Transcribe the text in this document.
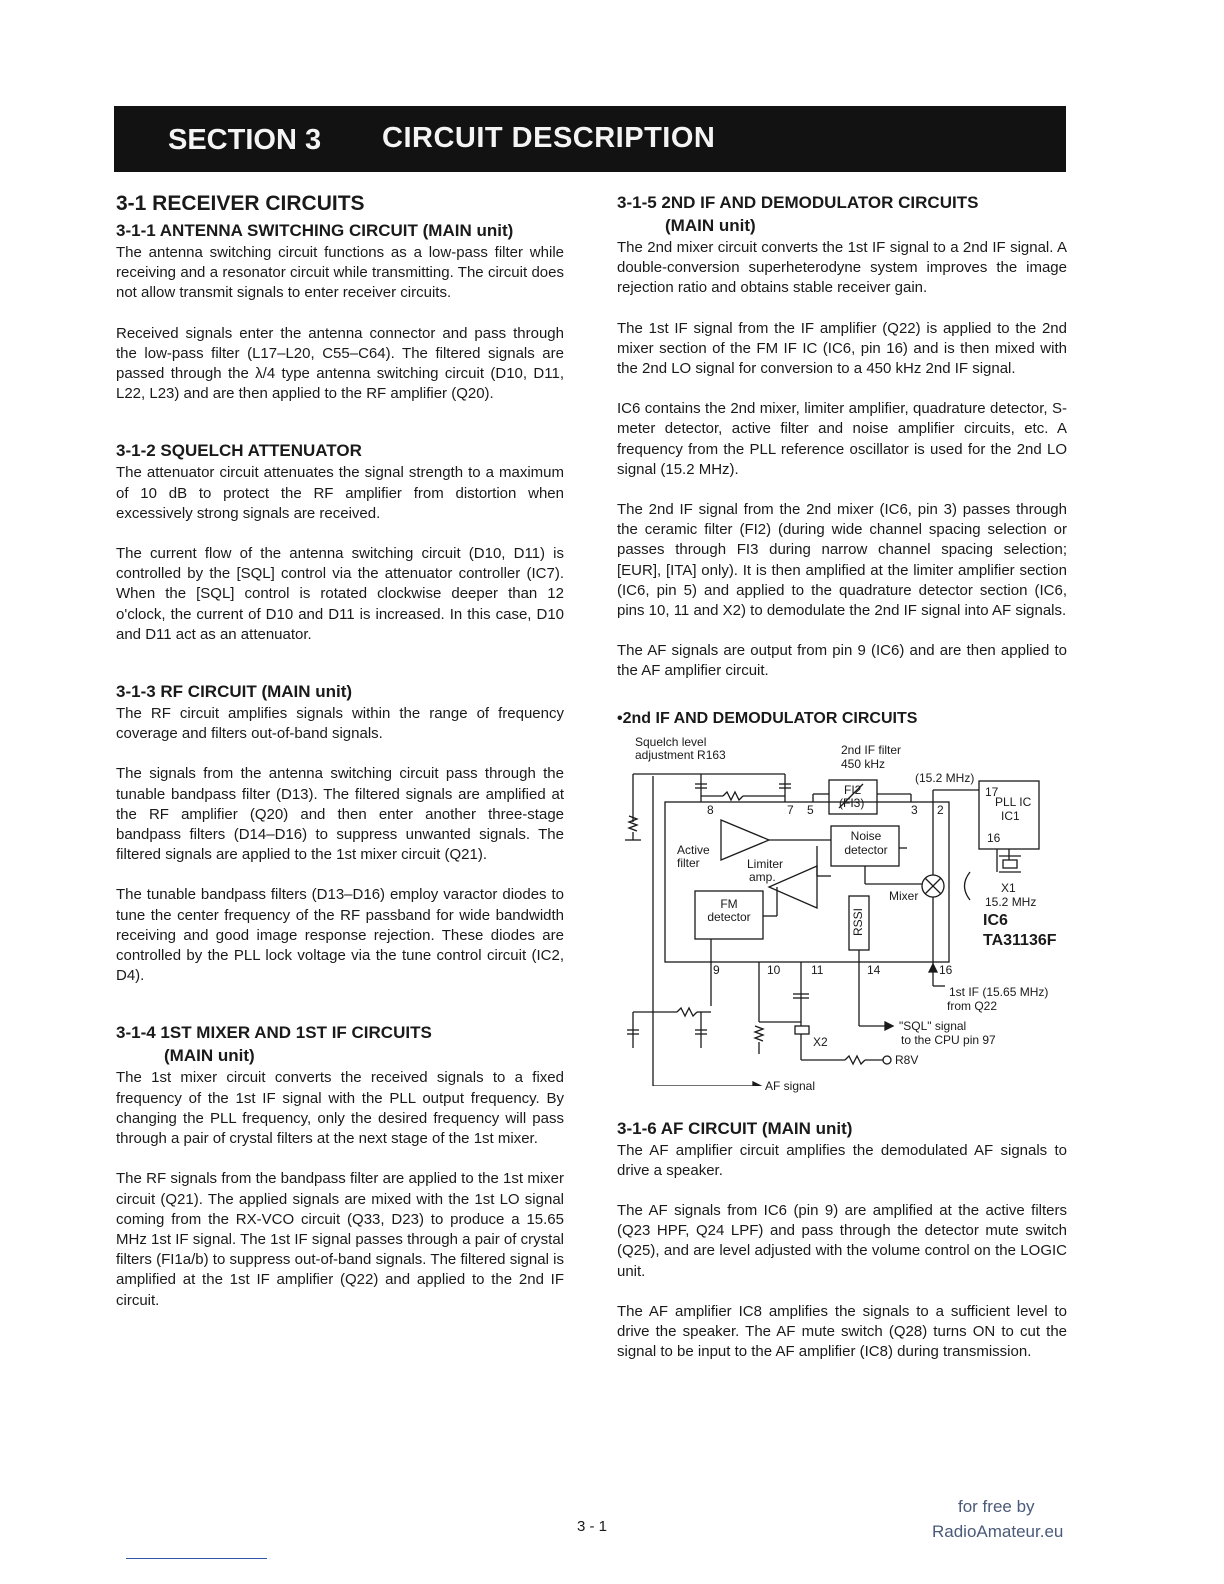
SECTION 3 CIRCUIT DESCRIPTION
3-1 RECEIVER CIRCUITS
3-1-1 ANTENNA SWITCHING CIRCUIT (MAIN unit)

The antenna switching circuit functions as a low-pass filter while receiving and a resonator circuit while transmitting. The circuit does not allow transmit signals to enter receiver circuits.

Received signals enter the antenna connector and pass through the low-pass filter (L17–L20, C55–C64). The filtered signals are passed through the λ/4 type antenna switching circuit (D10, D11, L22, L23) and are then applied to the RF amplifier (Q20).

3-1-2 SQUELCH ATTENUATOR

The attenuator circuit attenuates the signal strength to a maximum of 10 dB to protect the RF amplifier from distortion when excessively strong signals are received.

The current flow of the antenna switching circuit (D10, D11) is controlled by the [SQL] control via the attenuator controller (IC7). When the [SQL] control is rotated clockwise deeper than 12 o'clock, the current of D10 and D11 is increased. In this case, D10 and D11 act as an attenuator.

3-1-3 RF CIRCUIT (MAIN unit)

The RF circuit amplifies signals within the range of frequency coverage and filters out-of-band signals.

The signals from the antenna switching circuit pass through the tunable bandpass filter (D13). The filtered signals are amplified at the RF amplifier (Q20) and then enter another three-stage bandpass filters (D14–D16) to suppress unwanted signals. The filtered signals are applied to the 1st mixer circuit (Q21).

The tunable bandpass filters (D13–D16) employ varactor diodes to tune the center frequency of the RF passband for wide bandwidth receiving and good image response rejection. These diodes are controlled by the PLL lock voltage via the tune control circuit (IC2, D4).

3-1-4 1ST MIXER AND 1ST IF CIRCUITS
(MAIN unit)

The 1st mixer circuit converts the received signals to a fixed frequency of the 1st IF signal with the PLL output frequency. By changing the PLL frequency, only the desired frequency will pass through a pair of crystal filters at the next stage of the 1st mixer.

The RF signals from the bandpass filter are applied to the 1st mixer circuit (Q21). The applied signals are mixed with the 1st LO signal coming from the RX-VCO circuit (Q33, D23) to produce a 15.65 MHz 1st IF signal. The 1st IF signal passes through a pair of crystal filters (FI1a/b) to suppress out-of-band signals. The filtered signal is amplified at the 1st IF amplifier (Q22) and applied to the 2nd IF circuit.

3-1-5 2ND IF AND DEMODULATOR CIRCUITS
(MAIN unit)

The 2nd mixer circuit converts the 1st IF signal to a 2nd IF signal. A double-conversion superheterodyne system improves the image rejection ratio and obtains stable receiver gain.

The 1st IF signal from the IF amplifier (Q22) is applied to the 2nd mixer section of the FM IF IC (IC6, pin 16) and is then mixed with the 2nd LO signal for conversion to a 450 kHz 2nd IF signal.

IC6 contains the 2nd mixer, limiter amplifier, quadrature detector, S-meter detector, active filter and noise amplifier circuits, etc. A frequency from the PLL reference oscillator is used for the 2nd LO signal (15.2 MHz).

The 2nd IF signal from the 2nd mixer (IC6, pin 3) passes through the ceramic filter (FI2) (during wide channel spacing selection or passes through FI3 during narrow channel spacing selection; [EUR], [ITA] only). It is then amplified at the limiter amplifier section (IC6, pin 5) and applied to the quadrature detector section (IC6, pins 10, 11 and X2) to demodulate the 2nd IF signal into AF signals.

The AF signals are output from pin 9 (IC6) and are then applied to the AF amplifier circuit.

•2nd IF AND DEMODULATOR CIRCUITS
Squelch level
adjustment R163	2nd IF filter
450 kHz
FI2
(FI3)
(15.2 MHz)
PLL IC
IC1
8	7 5	3 2
17
16
Noise
detector
Active
filter	Limiter
amp.
FM
detector	RSSI
Mixer
X1
15.2 MHz
IC6
TA31136F
9	10	11	14	16
1st IF (15.65 MHz)
from Q22
"SQL" signal
to the CPU pin 97
X2
R8V
AF signal
3-1-6 AF CIRCUIT (MAIN unit)

The AF amplifier circuit amplifies the demodulated AF signals to drive a speaker.

The AF signals from IC6 (pin 9) are amplified at the active filters (Q23 HPF, Q24 LPF) and pass through the detector mute switch (Q25), and are level adjusted with the volume control on the LOGIC unit.

The AF amplifier IC8 amplifies the signals to a sufficient level to drive the speaker. The AF mute switch (Q28) turns ON to cut the signal to be input to the AF amplifier (IC8) during transmission.

3 - 1
for free by
RadioAmateur.eu
